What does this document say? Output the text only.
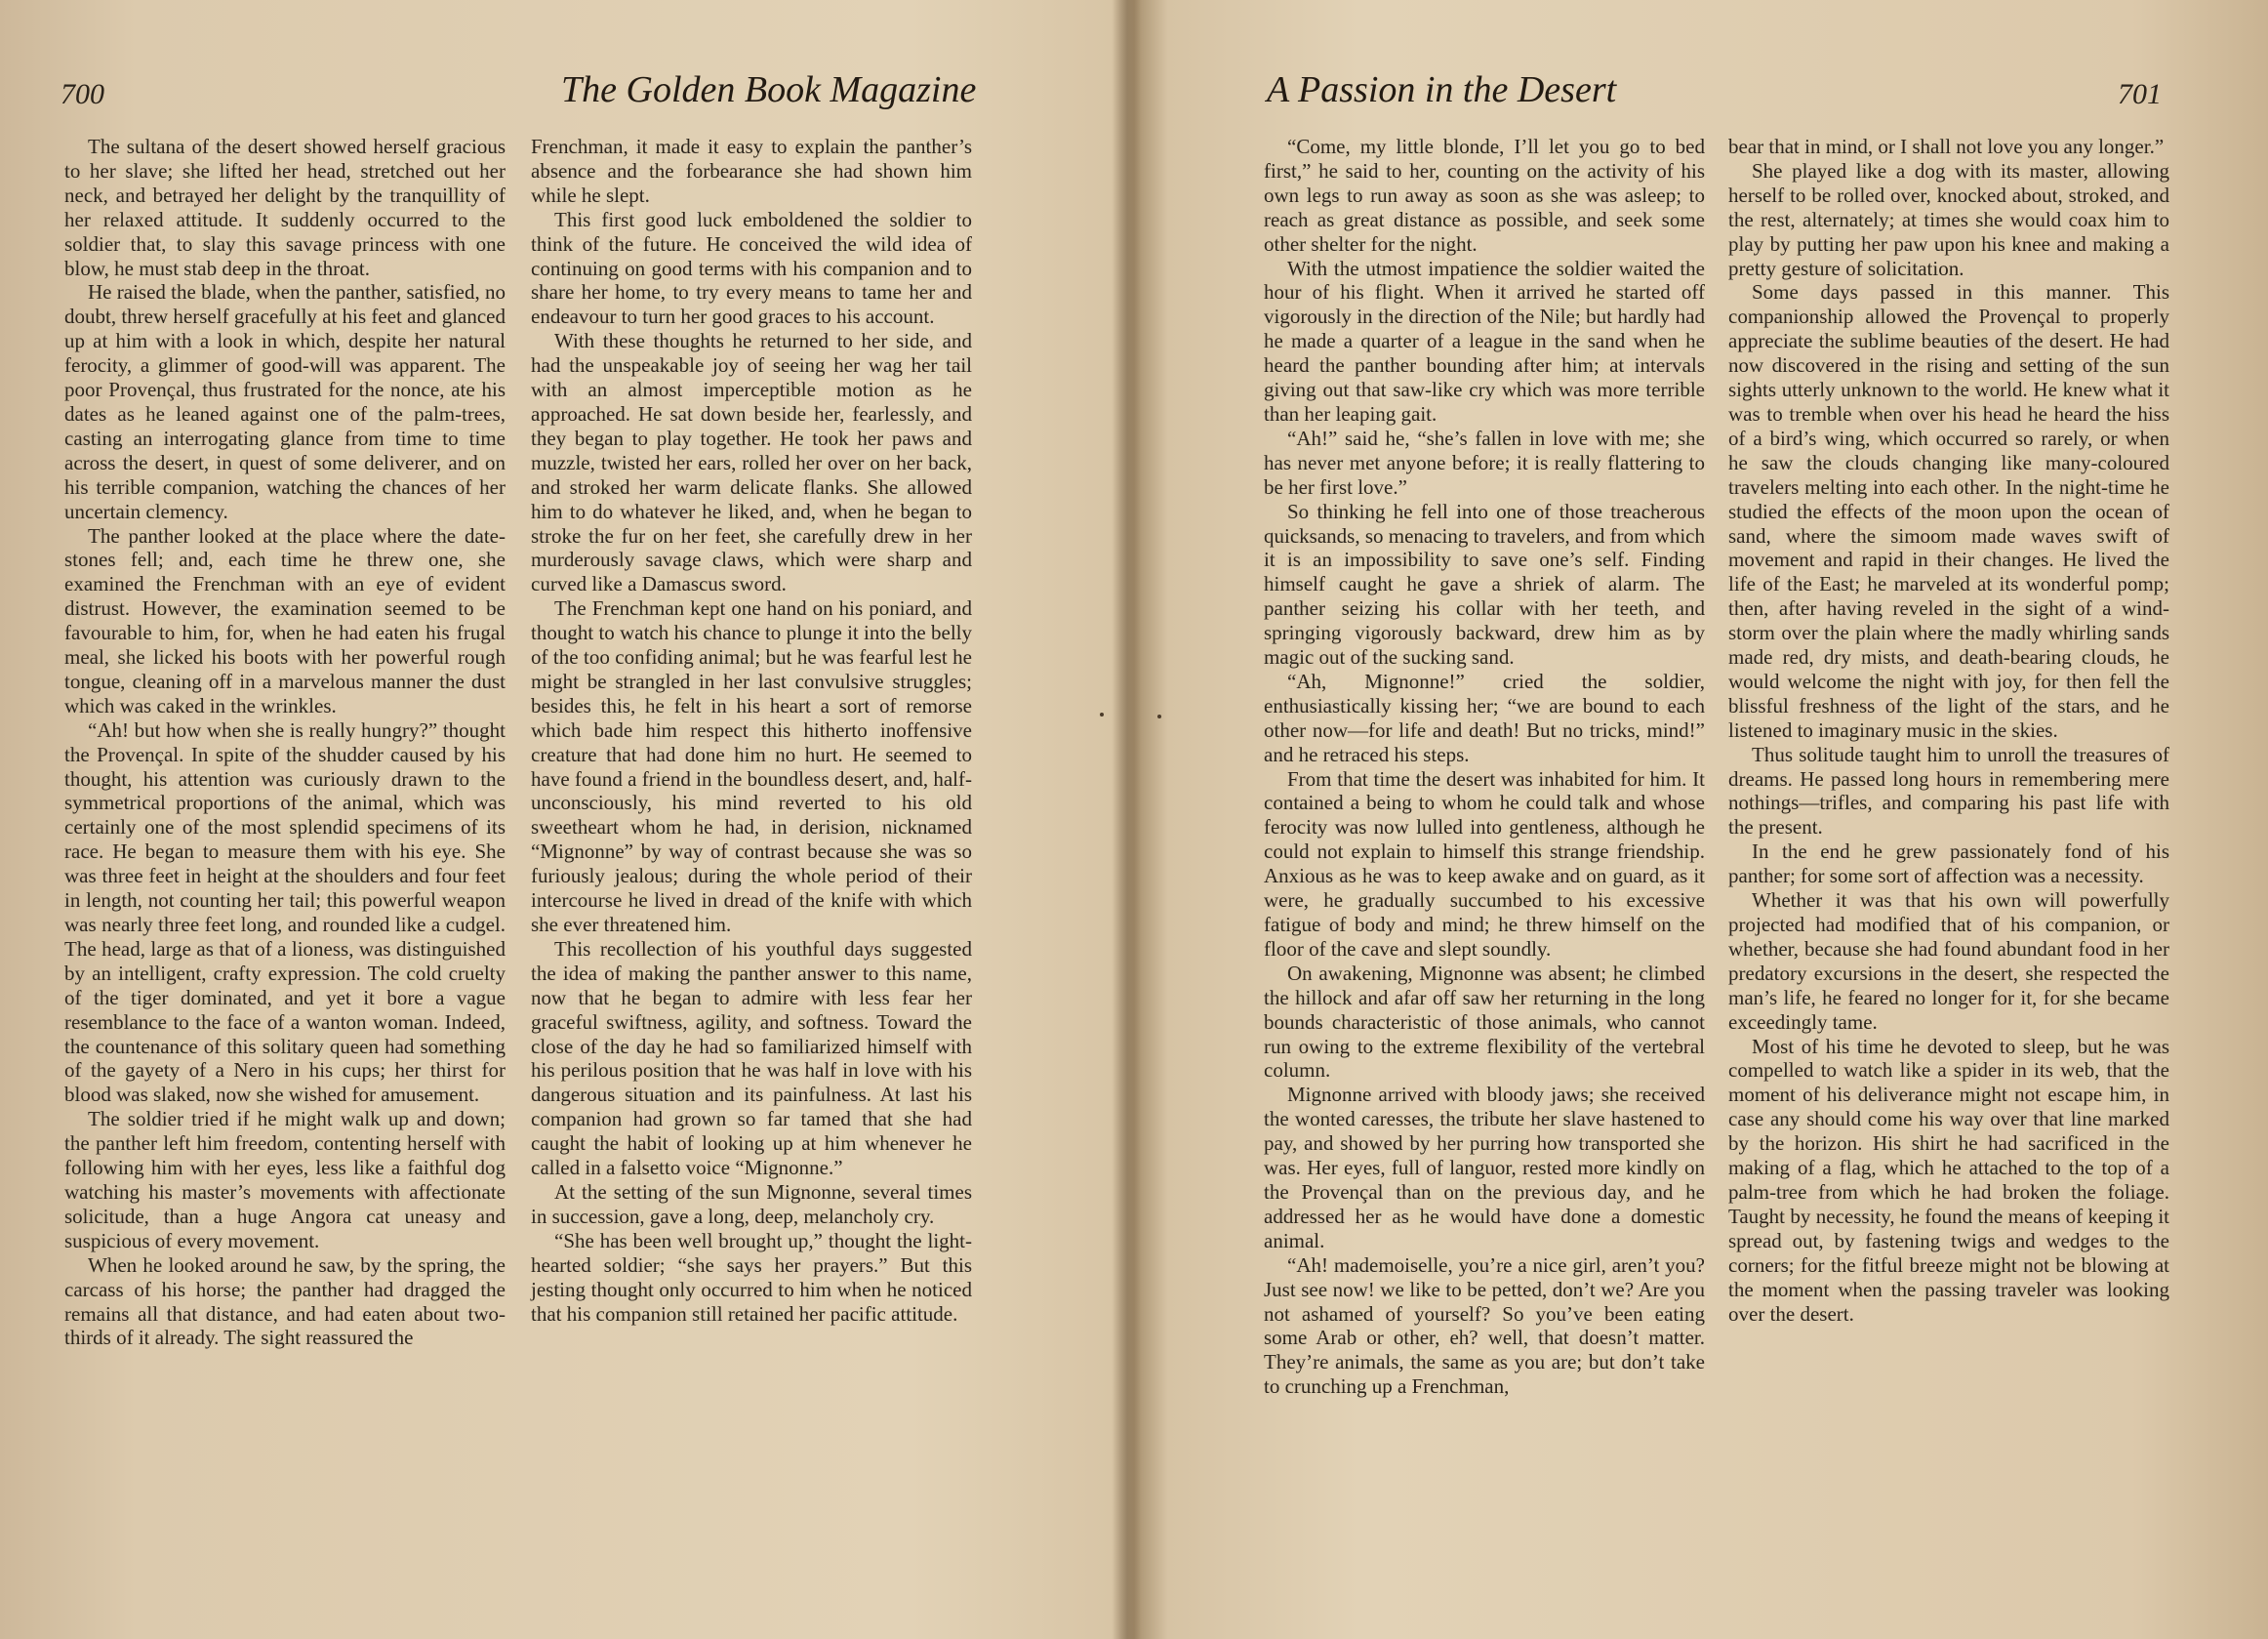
700	The Golden Book Magazine

The sultana of the desert showed herself gracious to her slave; she lifted her head, stretched out her neck, and betrayed her delight by the tranquillity of her relaxed attitude. It suddenly occurred to the soldier that, to slay this savage princess with one blow, he must stab deep in the throat.

He raised the blade, when the panther, satisfied, no doubt, threw herself gracefully at his feet and glanced up at him with a look in which, despite her natural ferocity, a glimmer of good-will was apparent. The poor Provençal, thus frustrated for the nonce, ate his dates as he leaned against one of the palm-trees, casting an interrogating glance from time to time across the desert, in quest of some deliverer, and on his terrible companion, watching the chances of her uncertain clemency.

The panther looked at the place where the date-stones fell; and, each time he threw one, she examined the Frenchman with an eye of evident distrust. However, the examination seemed to be favourable to him, for, when he had eaten his frugal meal, she licked his boots with her powerful rough tongue, cleaning off in a marvelous manner the dust which was caked in the wrinkles.

“Ah! but how when she is really hungry?” thought the Provençal. In spite of the shudder caused by his thought, his attention was curiously drawn to the symmetrical proportions of the animal, which was certainly one of the most splendid specimens of its race. He began to measure them with his eye. She was three feet in height at the shoulders and four feet in length, not counting her tail; this powerful weapon was nearly three feet long, and rounded like a cudgel. The head, large as that of a lioness, was distinguished by an intelligent, crafty expression. The cold cruelty of the tiger dominated, and yet it bore a vague resemblance to the face of a wanton woman. Indeed, the countenance of this solitary queen had something of the gayety of a Nero in his cups; her thirst for blood was slaked, now she wished for amusement.

The soldier tried if he might walk up and down; the panther left him freedom, contenting herself with following him with her eyes, less like a faithful dog watching his master’s movements with affectionate solicitude, than a huge Angora cat uneasy and suspicious of every movement.

When he looked around he saw, by the spring, the carcass of his horse; the panther had dragged the remains all that distance, and had eaten about two-thirds of it already. The sight reassured the

Frenchman, it made it easy to explain the panther’s absence and the forbearance she had shown him while he slept.

This first good luck emboldened the soldier to think of the future. He conceived the wild idea of continuing on good terms with his companion and to share her home, to try every means to tame her and endeavour to turn her good graces to his account.

With these thoughts he returned to her side, and had the unspeakable joy of seeing her wag her tail with an almost imperceptible motion as he approached. He sat down beside her, fearlessly, and they began to play together. He took her paws and muzzle, twisted her ears, rolled her over on her back, and stroked her warm delicate flanks. She allowed him to do whatever he liked, and, when he began to stroke the fur on her feet, she carefully drew in her murderously savage claws, which were sharp and curved like a Damascus sword.

The Frenchman kept one hand on his poniard, and thought to watch his chance to plunge it into the belly of the too confiding animal; but he was fearful lest he might be strangled in her last convulsive struggles; besides this, he felt in his heart a sort of remorse which bade him respect this hitherto inoffensive creature that had done him no hurt. He seemed to have found a friend in the boundless desert, and, half-unconsciously, his mind reverted to his old sweetheart whom he had, in derision, nicknamed “Mignonne” by way of contrast because she was so furiously jealous; during the whole period of their intercourse he lived in dread of the knife with which she ever threatened him.

This recollection of his youthful days suggested the idea of making the panther answer to this name, now that he began to admire with less fear her graceful swiftness, agility, and softness. Toward the close of the day he had so familiarized himself with his perilous position that he was half in love with his dangerous situation and its painfulness. At last his companion had grown so far tamed that she had caught the habit of looking up at him whenever he called in a falsetto voice “Mignonne.”

At the setting of the sun Mignonne, several times in succession, gave a long, deep, melancholy cry.

“She has been well brought up,” thought the light-hearted soldier; “she says her prayers.” But this jesting thought only occurred to him when he noticed that his companion still retained her pacific attitude.

A Passion in the Desert	701

“Come, my little blonde, I’ll let you go to bed first,” he said to her, counting on the activity of his own legs to run away as soon as she was asleep; to reach as great distance as possible, and seek some other shelter for the night.

With the utmost impatience the soldier waited the hour of his flight. When it arrived he started off vigorously in the direction of the Nile; but hardly had he made a quarter of a league in the sand when he heard the panther bounding after him; at intervals giving out that saw-like cry which was more terrible than her leaping gait.

“Ah!” said he, “she’s fallen in love with me; she has never met anyone before; it is really flattering to be her first love.”

So thinking he fell into one of those treacherous quicksands, so menacing to travelers, and from which it is an impossibility to save one’s self. Finding himself caught he gave a shriek of alarm. The panther seizing his collar with her teeth, and springing vigorously backward, drew him as by magic out of the sucking sand.

“Ah, Mignonne!” cried the soldier, enthusiastically kissing her; “we are bound to each other now—for life and death! But no tricks, mind!” and he retraced his steps.

From that time the desert was inhabited for him. It contained a being to whom he could talk and whose ferocity was now lulled into gentleness, although he could not explain to himself this strange friendship. Anxious as he was to keep awake and on guard, as it were, he gradually succumbed to his excessive fatigue of body and mind; he threw himself on the floor of the cave and slept soundly.

On awakening, Mignonne was absent; he climbed the hillock and afar off saw her returning in the long bounds characteristic of those animals, who cannot run owing to the extreme flexibility of the vertebral column.

Mignonne arrived with bloody jaws; she received the wonted caresses, the tribute her slave hastened to pay, and showed by her purring how transported she was. Her eyes, full of languor, rested more kindly on the Provençal than on the previous day, and he addressed her as he would have done a domestic animal.

“Ah! mademoiselle, you’re a nice girl, aren’t you? Just see now! we like to be petted, don’t we? Are you not ashamed of yourself? So you’ve been eating some Arab or other, eh? well, that doesn’t matter. They’re animals, the same as you are; but don’t take to crunching up a Frenchman,

bear that in mind, or I shall not love you any longer.”

She played like a dog with its master, allowing herself to be rolled over, knocked about, stroked, and the rest, alternately; at times she would coax him to play by putting her paw upon his knee and making a pretty gesture of solicitation.

Some days passed in this manner. This companionship allowed the Provençal to properly appreciate the sublime beauties of the desert. He had now discovered in the rising and setting of the sun sights utterly unknown to the world. He knew what it was to tremble when over his head he heard the hiss of a bird’s wing, which occurred so rarely, or when he saw the clouds changing like many-coloured travelers melting into each other. In the night-time he studied the effects of the moon upon the ocean of sand, where the simoom made waves swift of movement and rapid in their changes. He lived the life of the East; he marveled at its wonderful pomp; then, after having reveled in the sight of a wind-storm over the plain where the madly whirling sands made red, dry mists, and death-bearing clouds, he would welcome the night with joy, for then fell the blissful freshness of the light of the stars, and he listened to imaginary music in the skies.

Thus solitude taught him to unroll the treasures of dreams. He passed long hours in remembering mere nothings—trifles, and comparing his past life with the present.

In the end he grew passionately fond of his panther; for some sort of affection was a necessity.

Whether it was that his own will powerfully projected had modified that of his companion, or whether, because she had found abundant food in her predatory excursions in the desert, she respected the man’s life, he feared no longer for it, for she became exceedingly tame.

Most of his time he devoted to sleep, but he was compelled to watch like a spider in its web, that the moment of his deliverance might not escape him, in case any should come his way over that line marked by the horizon. His shirt he had sacrificed in the making of a flag, which he attached to the top of a palm-tree from which he had broken the foliage. Taught by necessity, he found the means of keeping it spread out, by fastening twigs and wedges to the corners; for the fitful breeze might not be blowing at the moment when the passing traveler was looking over the desert.
